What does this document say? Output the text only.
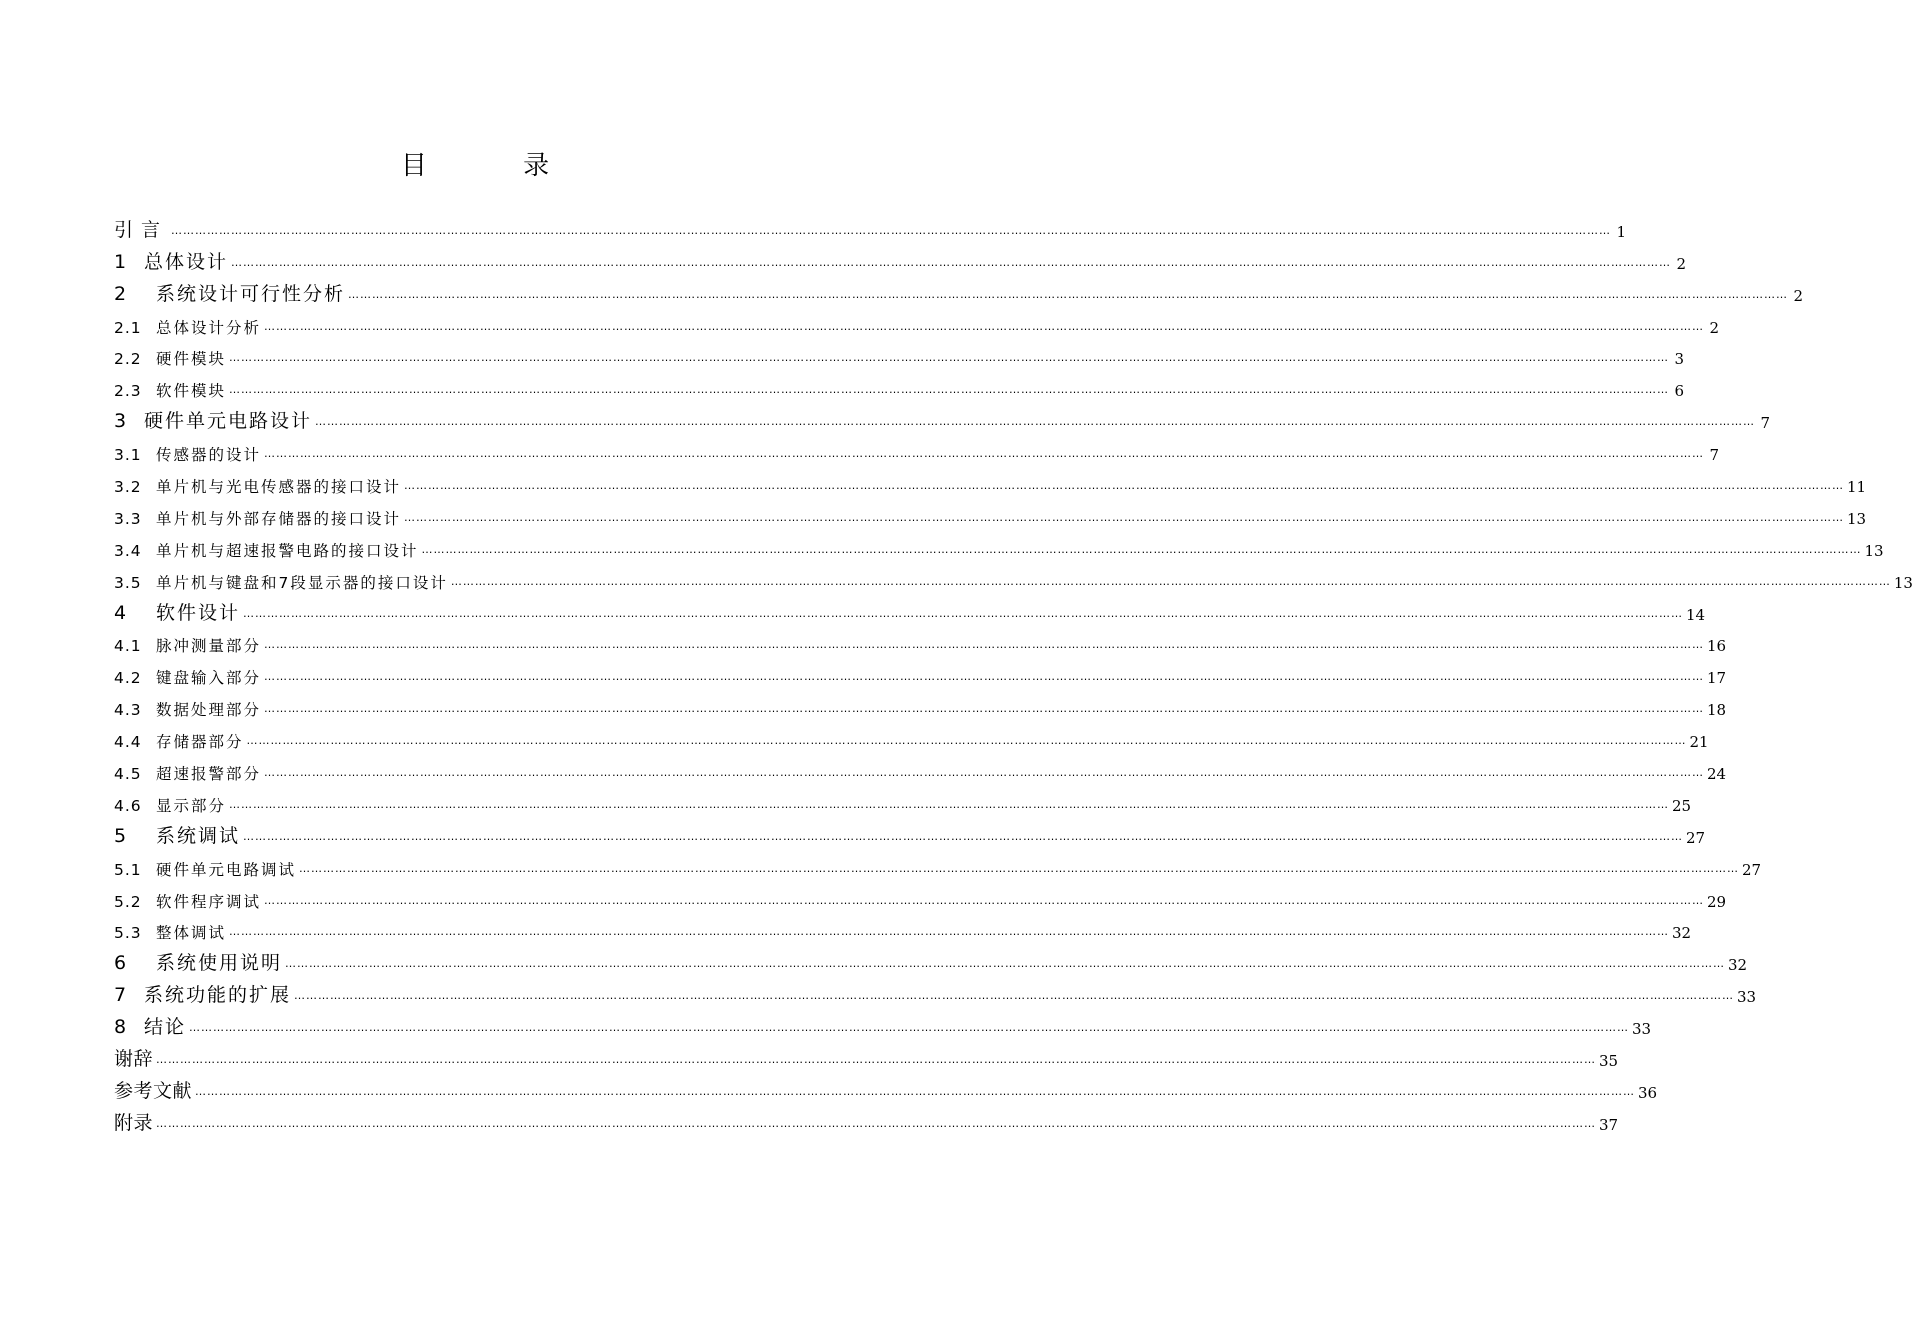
目 录
引言 ……………………………………………………………………………………………………………………………………………………………………………………………………………………………………………………………………………………………………………………………… 1
1 总体设计 ……………………………………………………………………………………………………………………………………………………………………………………………………………………………………………………………………………………………………………………………… 2
2 系统设计可行性分析 ……………………………………………………………………………………………………………………………………………………………………………………………………………………………………………………………………………………………………………………………… 2
2.1 总体设计分析 ……………………………………………………………………………………………………………………………………………………………………………………………………………………………………………………………………………………………………………………………… 2
2.2 硬件模块 ……………………………………………………………………………………………………………………………………………………………………………………………………………………………………………………………………………………………………………………………… 3
2.3 软件模块 ……………………………………………………………………………………………………………………………………………………………………………………………………………………………………………………………………………………………………………………………… 6
3 硬件单元电路设计 ……………………………………………………………………………………………………………………………………………………………………………………………………………………………………………………………………………………………………………………………… 7
3.1 传感器的设计 ……………………………………………………………………………………………………………………………………………………………………………………………………………………………………………………………………………………………………………………………… 7
3.2 单片机与光电传感器的接口设计 ……………………………………………………………………………………………………………………………………………………………………………………………………………………………………………………………………………………………………………………………… 11
3.3 单片机与外部存储器的接口设计 ……………………………………………………………………………………………………………………………………………………………………………………………………………………………………………………………………………………………………………………………… 13
3.4 单片机与超速报警电路的接口设计 ……………………………………………………………………………………………………………………………………………………………………………………………………………………………………………………………………………………………………………………………… 13
3.5 单片机与键盘和7段显示器的接口设计 ……………………………………………………………………………………………………………………………………………………………………………………………………………………………………………………………………………………………………………………………… 13
4 软件设计 ……………………………………………………………………………………………………………………………………………………………………………………………………………………………………………………………………………………………………………………………… 14
4.1 脉冲测量部分 ……………………………………………………………………………………………………………………………………………………………………………………………………………………………………………………………………………………………………………………………… 16
4.2 键盘输入部分 ……………………………………………………………………………………………………………………………………………………………………………………………………………………………………………………………………………………………………………………………… 17
4.3 数据处理部分 ……………………………………………………………………………………………………………………………………………………………………………………………………………………………………………………………………………………………………………………………… 18
4.4 存储器部分 ……………………………………………………………………………………………………………………………………………………………………………………………………………………………………………………………………………………………………………………………… 21
4.5 超速报警部分 ……………………………………………………………………………………………………………………………………………………………………………………………………………………………………………………………………………………………………………………………… 24
4.6 显示部分 ……………………………………………………………………………………………………………………………………………………………………………………………………………………………………………………………………………………………………………………………… 25
5 系统调试 ……………………………………………………………………………………………………………………………………………………………………………………………………………………………………………………………………………………………………………………………… 27
5.1 硬件单元电路调试 ……………………………………………………………………………………………………………………………………………………………………………………………………………………………………………………………………………………………………………………………… 27
5.2 软件程序调试 ……………………………………………………………………………………………………………………………………………………………………………………………………………………………………………………………………………………………………………………………… 29
5.3 整体调试 ……………………………………………………………………………………………………………………………………………………………………………………………………………………………………………………………………………………………………………………………… 32
6 系统使用说明 ……………………………………………………………………………………………………………………………………………………………………………………………………………………………………………………………………………………………………………………………… 32
7 系统功能的扩展 ……………………………………………………………………………………………………………………………………………………………………………………………………………………………………………………………………………………………………………………………… 33
8 结论 ……………………………………………………………………………………………………………………………………………………………………………………………………………………………………………………………………………………………………………………………… 33
谢辞 ……………………………………………………………………………………………………………………………………………………………………………………………………………………………………………………………………………………………………………………………… 35
参考文献 ……………………………………………………………………………………………………………………………………………………………………………………………………………………………………………………………………………………………………………………………… 36
附录 ……………………………………………………………………………………………………………………………………………………………………………………………………………………………………………………………………………………………………………………………… 37
